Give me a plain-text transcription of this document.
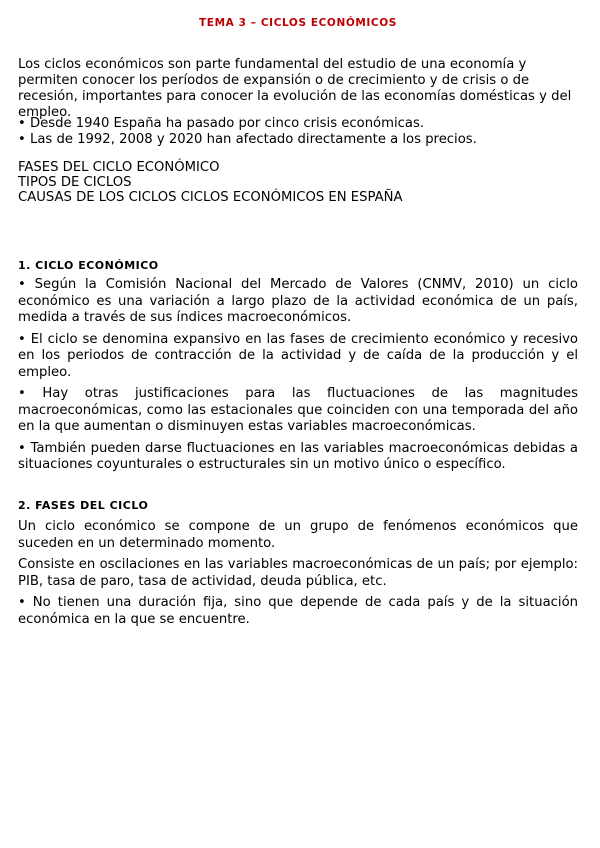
TEMA 3 – CICLOS ECONÓMICOS

Los ciclos económicos son parte fundamental del estudio de una economía y permiten conocer los períodos de expansión o de crecimiento y de crisis o de recesión, importantes para conocer la evolución de las economías domésticas y del empleo.

• Desde 1940 España ha pasado por cinco crisis económicas.
• Las de 1992, 2008 y 2020 han afectado directamente a los precios.
FASES DEL CICLO ECONÓMICO
TIPOS DE CICLOS
CAUSAS DE LOS CICLOS CICLOS ECONÓMICOS EN ESPAÑA
1. CICLO ECONÓMICO

• Según la Comisión Nacional del Mercado de Valores (CNMV, 2010) un ciclo económico es una variación a largo plazo de la actividad económica de un país, medida a través de sus índices macroeconómicos.

• El ciclo se denomina expansivo en las fases de crecimiento económico y recesivo en los periodos de contracción de la actividad y de caída de la producción y el empleo.

• Hay otras justificaciones para las fluctuaciones de las magnitudes macroeconómicas, como las estacionales que coinciden con una temporada del año en la que aumentan o disminuyen estas variables macroeconómicas.

• También pueden darse fluctuaciones en las variables macroeconómicas debidas a situaciones coyunturales o estructurales sin un motivo único o específico.

2. FASES DEL CICLO

Un ciclo económico se compone de un grupo de fenómenos económicos que suceden en un determinado momento.

Consiste en oscilaciones en las variables macroeconómicas de un país; por ejemplo: PIB, tasa de paro, tasa de actividad, deuda pública, etc.

• No tienen una duración fija, sino que depende de cada país y de la situación económica en la que se encuentre.
